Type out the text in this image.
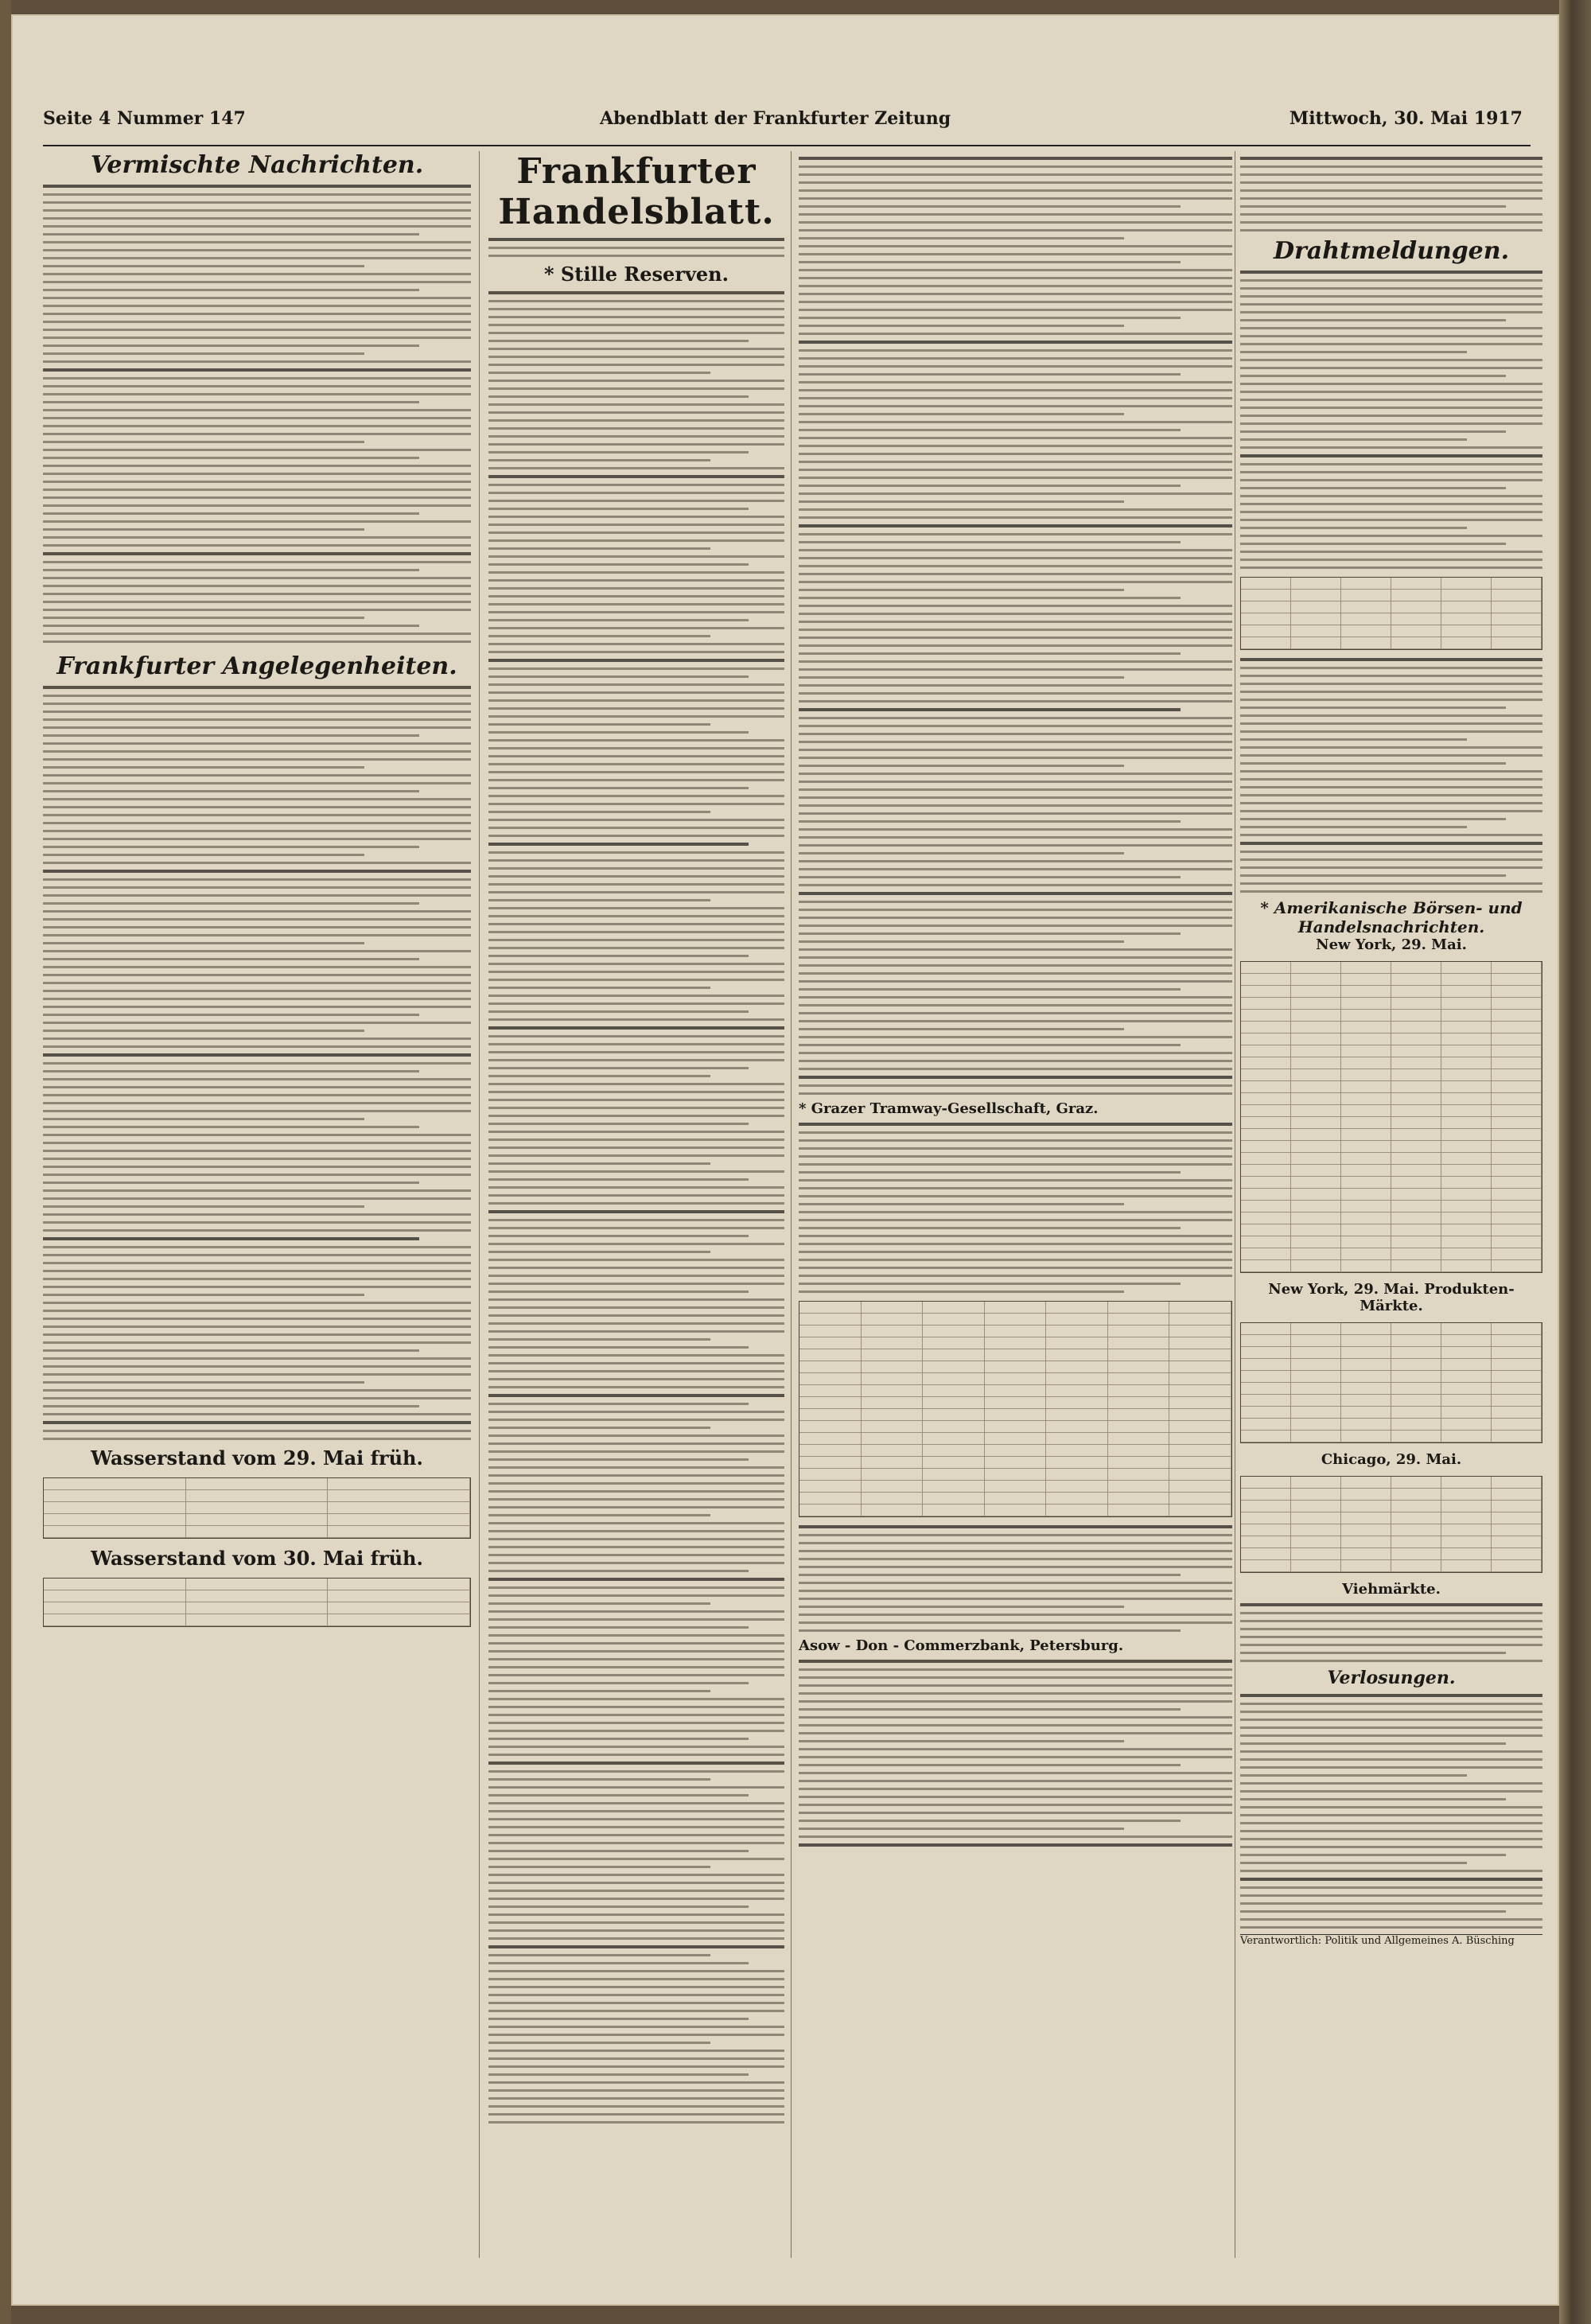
Seite 4 Nummer 147	Abendblatt der Frankfurter Zeitung	Mittwoch, 30. Mai 1917
Vermischte Nachrichten.
Frankfurter Angelegenheiten.
Wasserstand vom 29. Mai früh.
Wasserstand vom 30. Mai früh.
Frankfurter Handelsblatt.
* Stille Reserven.
* Grazer Tramway-Gesellschaft, Graz.
Asow - Don - Commerzbank, Petersburg.
Drahtmeldungen.
* Amerikanische Börsen- und Handelsnachrichten.
New York, 29. Mai.
New York, 29. Mai. Produkten-Märkte.
Chicago, 29. Mai.
Viehmärkte.
Verlosungen.
Verantwortlich: Politik und Allgemeines A. Büsching
